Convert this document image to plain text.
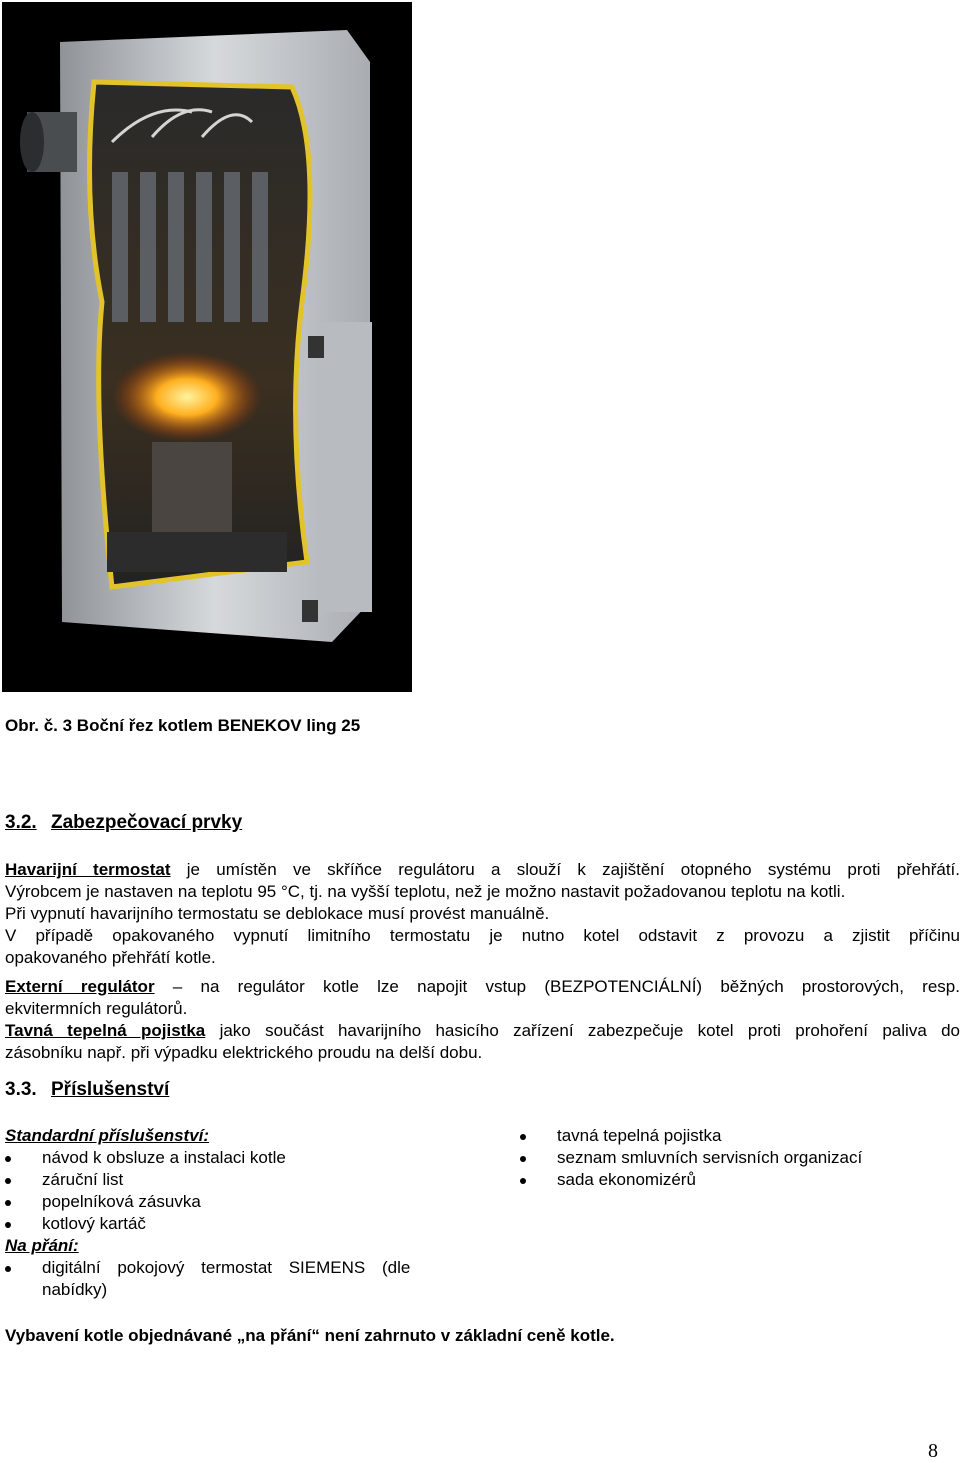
Obr. č. 3 Boční řez kotlem BENEKOV ling 25
3.2. Zabezpečovací prvky
Havarijní termostat je umístěn ve skříňce regulátoru a slouží k zajištění otopného systému proti přehřátí.
Výrobcem je nastaven na teplotu 95 °C, tj. na vyšší teplotu, než je možno nastavit požadovanou teplotu na kotli.
Při vypnutí havarijního termostatu se deblokace musí provést manuálně.
V případě opakovaného vypnutí limitního termostatu je nutno kotel odstavit z provozu a zjistit příčinu
opakovaného přehřátí kotle.
Externí regulátor – na regulátor kotle lze napojit vstup (BEZPOTENCIÁLNÍ) běžných prostorových, resp.
ekvitermních regulátorů.
Tavná tepelná pojistka jako součást havarijního hasicího zařízení zabezpečuje kotel proti prohoření paliva do
zásobníku např. při výpadku elektrického proudu na delší dobu.
3.3. Příslušenství
Standardní příslušenství:
návod k obsluze a instalaci kotle
záruční list
popelníková zásuvka
kotlový kartáč
Na přání:
digitální pokojový termostat SIEMENS (dle
nabídky)
tavná tepelná pojistka
seznam smluvních servisních organizací
sada ekonomizérů
Vybavení kotle objednávané „na přání“ není zahrnuto v základní ceně kotle.
8
